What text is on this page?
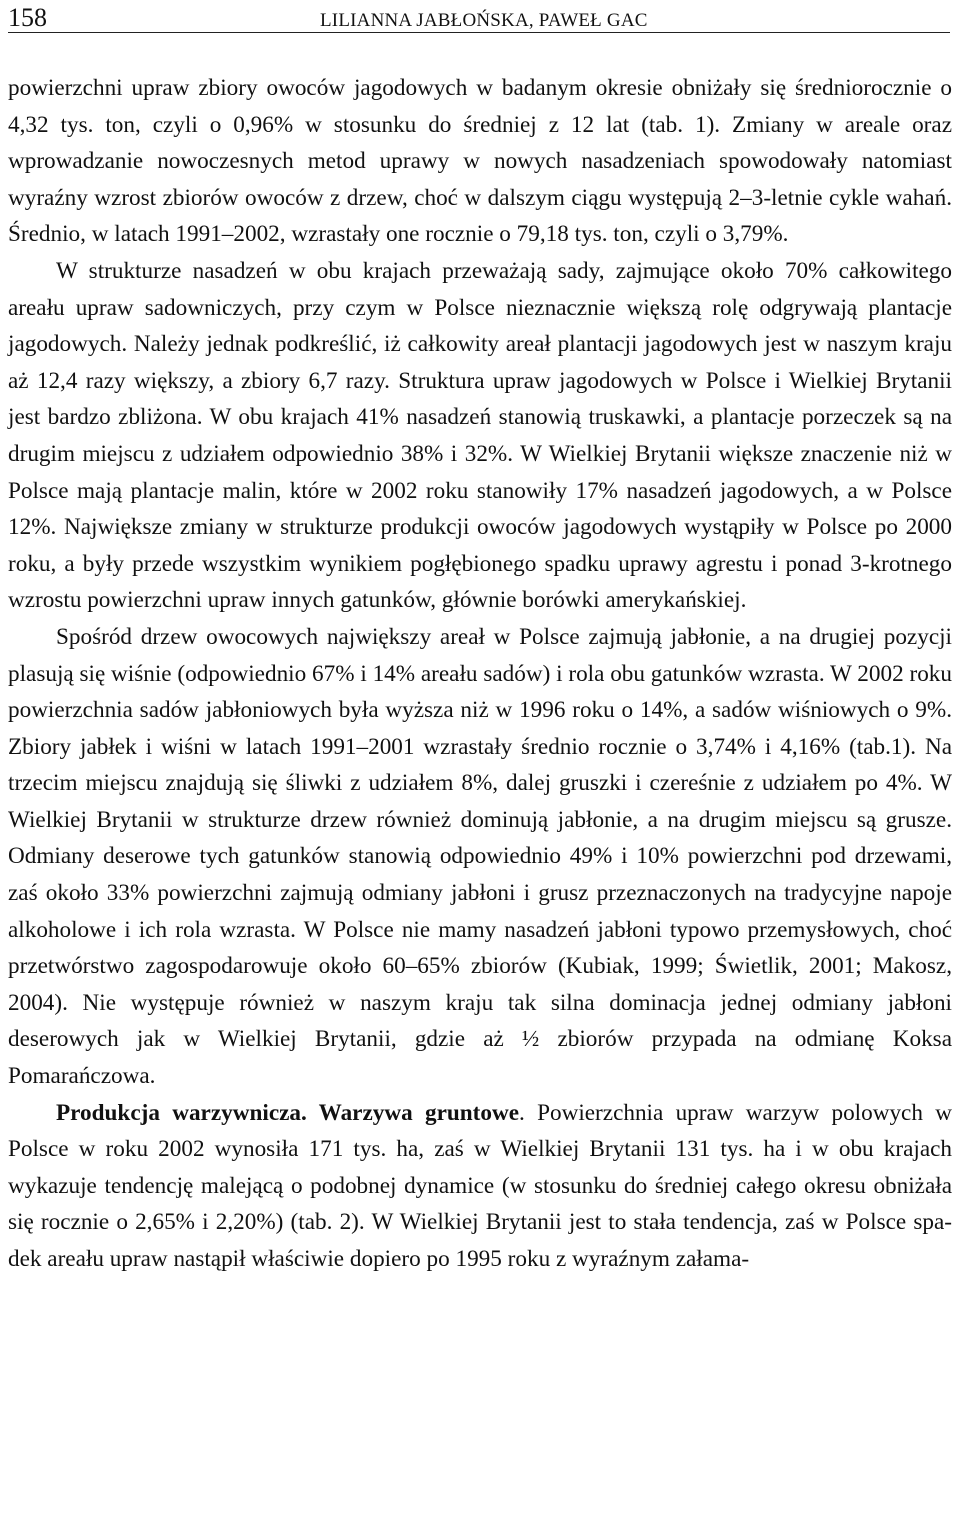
158	LILIANNA JABŁOŃSKA, PAWEŁ GAC

powierzchni upraw zbiory owoców jagodowych w badanym okresie obniżały się średniorocznie o 4,32 tys. ton, czyli o 0,96% w stosunku do średniej z 12 lat (tab. 1). Zmiany w areale oraz wprowadzanie nowoczesnych metod uprawy w nowych nasadzeniach spowodowały natomiast wyraźny wzrost zbiorów owoców z drzew, choć w dalszym ciągu występują 2–3-letnie cykle wahań. Średnio, w latach 1991–2002, wzrastały one rocznie o 79,18 tys. ton, czyli o 3,79%.

W strukturze nasadzeń w obu krajach przeważają sady, zajmujące około 70% całkowitego areału upraw sadowniczych, przy czym w Polsce nieznacznie większą rolę odgrywają plantacje jagodowych. Należy jednak podkreślić, iż całkowity areał plantacji jagodowych jest w naszym kraju aż 12,4 razy większy, a zbiory 6,7 razy. Struktura upraw jagodowych w Polsce i Wielkiej Brytanii jest bardzo zbliżona. W obu krajach 41% nasadzeń stanowią truskawki, a plantacje porzeczek są na drugim miejscu z udziałem odpowiednio 38% i 32%. W Wielkiej Brytanii większe znaczenie niż w Polsce mają plantacje malin, które w 2002 roku stanowiły 17% nasadzeń jagodowych, a w Polsce 12%. Największe zmiany w strukturze produkcji owoców jagodowych wystąpiły w Polsce po 2000 roku, a były przede wszystkim wynikiem pogłębionego spadku uprawy agrestu i ponad 3-krotnego wzrostu powierzchni upraw innych gatunków, głównie borówki amerykańskiej.

Spośród drzew owocowych największy areał w Polsce zajmują jabłonie, a na drugiej pozycji plasują się wiśnie (odpowiednio 67% i 14% areału sadów) i rola obu gatunków wzrasta. W 2002 roku powierzchnia sadów jabłoniowych była wyższa niż w 1996 roku o 14%, a sadów wiśniowych o 9%. Zbiory jabłek i wiśni w latach 1991–2001 wzrastały średnio rocznie o 3,74% i 4,16% (tab.1). Na trzecim miejscu znajdują się śliwki z udziałem 8%, dalej gruszki i czereśnie z udziałem po 4%. W Wielkiej Brytanii w strukturze drzew również dominują jabłonie, a na drugim miejscu są grusze. Odmiany deserowe tych gatunków stanowią odpowiednio 49% i 10% powierzchni pod drzewami, zaś około 33% powierzchni zajmują odmiany jabłoni i grusz przeznaczonych na tradycyjne napoje alkoholowe i ich rola wzrasta. W Polsce nie mamy nasadzeń jabłoni typowo przemysłowych, choć przetwórstwo zagospodarowuje około 60–65% zbiorów (Kubiak, 1999; Świetlik, 2001; Makosz, 2004). Nie występuje również w naszym kraju tak silna dominacja jednej odmiany jabłoni deserowych jak w Wielkiej Brytanii, gdzie aż ½ zbiorów przypada na odmianę Koksa Pomarańczowa.

Produkcja warzywnicza. Warzywa gruntowe. Powierzchnia upraw warzyw polowych w Polsce w roku 2002 wynosiła 171 tys. ha, zaś w Wielkiej Brytanii 131 tys. ha i w obu krajach wykazuje tendencję malejącą o podobnej dynamice (w stosunku do średniej całego okresu obniżała się rocznie o 2,65% i 2,20%) (tab. 2). W Wielkiej Brytanii jest to stała tendencja, zaś w Polsce spadek areału upraw nastąpił właściwie dopiero po 1995 roku z wyraźnym załama-
